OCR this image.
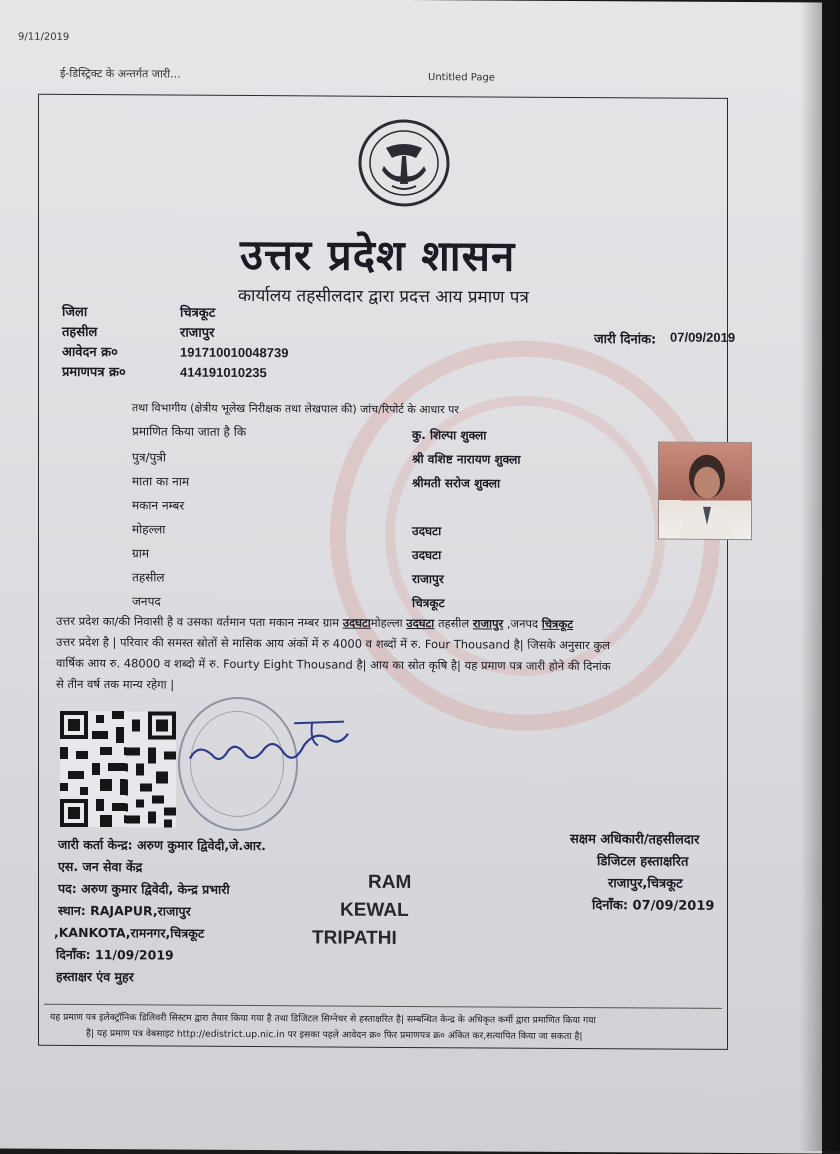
9/11/2019
ई-डिस्ट्रिक्ट के अन्तर्गत जारी...	Untitled Page
उत्तर प्रदेश शासन
कार्यालय तहसीलदार द्वारा प्रदत्त आय प्रमाण पत्र
जिला	चित्रकूट
तहसील	राजापुर
आवेदन क्र०	191710010048739
प्रमाणपत्र क्र०	414191010235
जारी दिनांक: 07/09/2019
तथा विभागीय (क्षेत्रीय भूलेख निरीक्षक तथा लेखपाल की) जांच/रिपोर्ट के आधार पर
प्रमाणित किया जाता है कि	कु. शिल्पा शुक्ला
पुत्र/पुत्री	श्री वशिष्ट नारायण शुक्ला
माता का नाम	श्रीमती सरोज शुक्ला
मकान नम्बर
मोहल्ला	उदघटा
ग्राम	उदघटा
तहसील	राजापुर
जनपद	चित्रकूट
उत्तर प्रदेश का/की निवासी है व उसका वर्तमान पता मकान नम्बर ग्राम उदघटामोहल्ला उदघटा तहसील राजापुर ,जनपद चित्रकूट
उत्तर प्रदेश है | परिवार की समस्त स्रोतों से मासिक आय अंकों में रु 4000 व शब्दों में रु. Four Thousand है| जिसके अनुसार कुल
वार्षिक आय रु. 48000 व शब्दो में रु. Fourty Eight Thousand है| आय का स्रोत कृषि है| यह प्रमाण पत्र जारी होने की दिनांक
से तीन वर्ष तक मान्य रहेगा |
जारी कर्ता केन्द्र: अरुण कुमार द्विवेदी,जे.आर.
एस. जन सेवा केंद्र
पद: अरुण कुमार द्विवेदी, केन्द्र प्रभारी
स्थान: RAJAPUR,राजापुर
,KANKOTA,रामनगर,चित्रकूट
दिनाँक: 11/09/2019
हस्ताक्षर एंव मुहर
RAM
KEWAL
TRIPATHI
सक्षम अधिकारी/तहसीलदार
डिजिटल हस्ताक्षरित
राजापुर,चित्रकूट
दिनाँक: 07/09/2019
यह प्रमाण पत्र इलेक्ट्रॉनिक डिलिवरी सिस्टम द्वारा तैयार किया गया है तथा डिजिटल सिग्नेचर से हस्ताक्षरित है| सम्बन्धित केन्द्र के अधिकृत कर्मी द्वारा प्रमाणित किया गया
है| यह प्रमाण पत्र वेबसाइट http://edistrict.up.nic.in पर इसका पहले आवेदन क्र० फिर प्रमाणपत्र क्र० अंकित कर,सत्यापित किया जा सकता है|
